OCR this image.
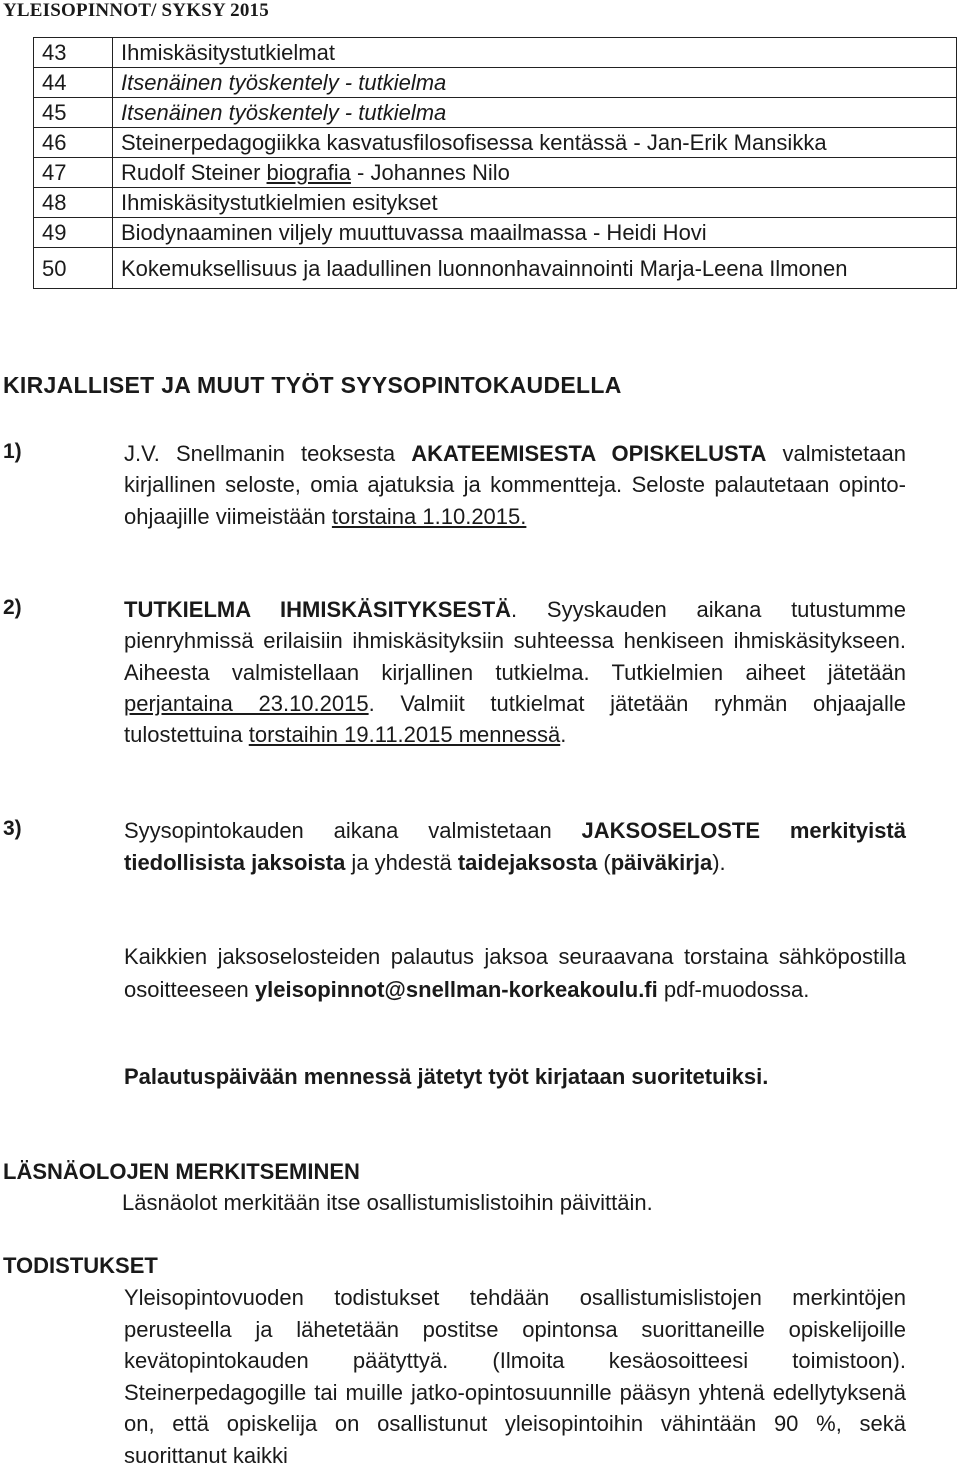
YLEISOPINNOT/ SYKSY 2015
43	Ihmiskäsitystutkielmat
44	Itsenäinen työskentely - tutkielma
45	Itsenäinen työskentely - tutkielma
46	Steinerpedagogiikka kasvatusfilosofisessa kentässä - Jan-Erik Mansikka
47	Rudolf Steiner biografia - Johannes Nilo
48	Ihmiskäsitystutkielmien esitykset
49	Biodynaaminen viljely muuttuvassa maailmassa - Heidi Hovi
50	Kokemuksellisuus ja laadullinen luonnonhavainnointi Marja-Leena Ilmonen
KIRJALLISET JA MUUT TYÖT SYYSOPINTOKAUDELLA
1)	J.V. Snellmanin teoksesta AKATEEMISESTA OPISKELUSTA valmistetaan kirjallinen seloste, omia ajatuksia ja kommentteja. Seloste palautetaan opinto-ohjaajille viimeistään torstaina 1.10.2015.
2)	TUTKIELMA IHMISKÄSITYKSESTÄ. Syyskauden aikana tutustumme pienryhmissä erilaisiin ihmiskäsityksiin suhteessa henkiseen ihmiskäsitykseen. Aiheesta valmistellaan kirjallinen tutkielma. Tutkielmien aiheet jätetään perjantaina 23.10.2015. Valmiit tutkielmat jätetään ryhmän ohjaajalle tulostettuina torstaihin 19.11.2015 mennessä.
3)	Syysopintokauden aikana valmistetaan JAKSOSELOSTE merkityistä tiedollisista jaksoista ja yhdestä taidejaksosta (päiväkirja).
Kaikkien jaksoselosteiden palautus jaksoa seuraavana torstaina sähköpostilla osoitteeseen yleisopinnot@snellman-korkeakoulu.fi pdf-muodossa.
Palautuspäivään mennessä jätetyt työt kirjataan suoritetuiksi.
LÄSNÄOLOJEN MERKITSEMINEN
Läsnäolot merkitään itse osallistumislistoihin päivittäin.
TODISTUKSET
Yleisopintovuoden todistukset tehdään osallistumislistojen merkintöjen perusteella ja lähetetään postitse opintonsa suorittaneille opiskelijoille kevätopintokauden päätyttyä. (Ilmoita kesäosoitteesi toimistoon). Steinerpedagogille tai muille jatko-opintosuunnille pääsyn yhtenä edellytyksenä on, että opiskelija on osallistunut yleisopintoihin vähintään 90 %, sekä suorittanut kaikki
